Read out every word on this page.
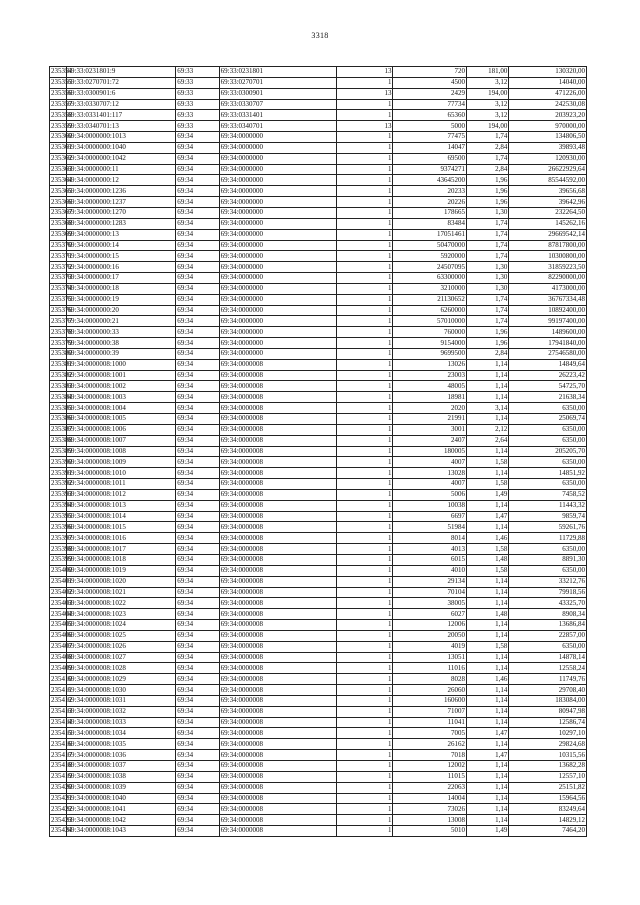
3318
235354	69:33:0231801:9	69:33	69:33:0231801	13	720	181,00	130320,00
235355	69:33:0270701:72	69:33	69:33:0270701	1	4500	3,12	14040,00
235356	69:33:0300901:6	69:33	69:33:0300901	13	2429	194,00	471226,00
235357	69:33:0330707:12	69:33	69:33:0330707	1	77734	3,12	242530,08
235358	69:33:0331401:117	69:33	69:33:0331401	1	65360	3,12	203923,20
235359	69:33:0340701:13	69:33	69:33:0340701	13	5000	194,00	970000,00
235360	69:34:0000000:1013	69:34	69:34:0000000	1	77475	1,74	134806,50
235361	69:34:0000000:1040	69:34	69:34:0000000	1	14047	2,84	39893,48
235362	69:34:0000000:1042	69:34	69:34:0000000	1	69500	1,74	120930,00
235363	69:34:0000000:11	69:34	69:34:0000000	1	9374271	2,84	26622929,64
235364	69:34:0000000:12	69:34	69:34:0000000	1	43645200	1,96	85544592,00
235365	69:34:0000000:1236	69:34	69:34:0000000	1	20233	1,96	39656,68
235366	69:34:0000000:1237	69:34	69:34:0000000	1	20226	1,96	39642,96
235367	69:34:0000000:1270	69:34	69:34:0000000	1	178665	1,30	232264,50
235368	69:34:0000000:1283	69:34	69:34:0000000	1	83484	1,74	145262,16
235369	69:34:0000000:13	69:34	69:34:0000000	1	17051461	1,74	29669542,14
235370	69:34:0000000:14	69:34	69:34:0000000	1	50470000	1,74	87817800,00
235371	69:34:0000000:15	69:34	69:34:0000000	1	5920000	1,74	10300800,00
235372	69:34:0000000:16	69:34	69:34:0000000	1	24507095	1,30	31859223,50
235373	69:34:0000000:17	69:34	69:34:0000000	1	63300000	1,30	82290000,00
235374	69:34:0000000:18	69:34	69:34:0000000	1	3210000	1,30	4173000,00
235375	69:34:0000000:19	69:34	69:34:0000000	1	21130652	1,74	36767334,48
235376	69:34:0000000:20	69:34	69:34:0000000	1	6260000	1,74	10892400,00
235377	69:34:0000000:21	69:34	69:34:0000000	1	57010000	1,74	99197400,00
235378	69:34:0000000:33	69:34	69:34:0000000	1	760000	1,96	1489600,00
235379	69:34:0000000:38	69:34	69:34:0000000	1	9154000	1,96	17941840,00
235380	69:34:0000000:39	69:34	69:34:0000000	1	9699500	2,84	27546580,00
235381	69:34:0000008:1000	69:34	69:34:0000008	1	13026	1,14	14849,64
235382	69:34:0000008:1001	69:34	69:34:0000008	1	23003	1,14	26223,42
235383	69:34:0000008:1002	69:34	69:34:0000008	1	48005	1,14	54725,70
235384	69:34:0000008:1003	69:34	69:34:0000008	1	18981	1,14	21638,34
235385	69:34:0000008:1004	69:34	69:34:0000008	1	2020	3,14	6350,00
235386	69:34:0000008:1005	69:34	69:34:0000008	1	21991	1,14	25069,74
235387	69:34:0000008:1006	69:34	69:34:0000008	1	3001	2,12	6350,00
235388	69:34:0000008:1007	69:34	69:34:0000008	1	2407	2,64	6350,00
235389	69:34:0000008:1008	69:34	69:34:0000008	1	180005	1,14	205205,70
235390	69:34:0000008:1009	69:34	69:34:0000008	1	4007	1,58	6350,00
235391	69:34:0000008:1010	69:34	69:34:0000008	1	13028	1,14	14851,92
235392	69:34:0000008:1011	69:34	69:34:0000008	1	4007	1,58	6350,00
235393	69:34:0000008:1012	69:34	69:34:0000008	1	5006	1,49	7458,52
235394	69:34:0000008:1013	69:34	69:34:0000008	1	10038	1,14	11443,32
235395	69:34:0000008:1014	69:34	69:34:0000008	1	6697	1,47	9859,74
235396	69:34:0000008:1015	69:34	69:34:0000008	1	51984	1,14	59261,76
235397	69:34:0000008:1016	69:34	69:34:0000008	1	8014	1,46	11729,88
235398	69:34:0000008:1017	69:34	69:34:0000008	1	4013	1,58	6350,00
235399	69:34:0000008:1018	69:34	69:34:0000008	1	6015	1,48	8891,30
235400	69:34:0000008:1019	69:34	69:34:0000008	1	4010	1,58	6350,00
235401	69:34:0000008:1020	69:34	69:34:0000008	1	29134	1,14	33212,76
235402	69:34:0000008:1021	69:34	69:34:0000008	1	70104	1,14	79918,56
235403	69:34:0000008:1022	69:34	69:34:0000008	1	38005	1,14	43325,70
235404	69:34:0000008:1023	69:34	69:34:0000008	1	6027	1,48	8908,34
235405	69:34:0000008:1024	69:34	69:34:0000008	1	12006	1,14	13686,84
235406	69:34:0000008:1025	69:34	69:34:0000008	1	20050	1,14	22857,00
235407	69:34:0000008:1026	69:34	69:34:0000008	1	4019	1,58	6350,00
235408	69:34:0000008:1027	69:34	69:34:0000008	1	13051	1,14	14878,14
235409	69:34:0000008:1028	69:34	69:34:0000008	1	11016	1,14	12558,24
235410	69:34:0000008:1029	69:34	69:34:0000008	1	8028	1,46	11749,76
235411	69:34:0000008:1030	69:34	69:34:0000008	1	26060	1,14	29708,40
235412	69:34:0000008:1031	69:34	69:34:0000008	1	160600	1,14	183084,00
235413	69:34:0000008:1032	69:34	69:34:0000008	1	71007	1,14	80947,98
235414	69:34:0000008:1033	69:34	69:34:0000008	1	11041	1,14	12586,74
235415	69:34:0000008:1034	69:34	69:34:0000008	1	7005	1,47	10297,10
235416	69:34:0000008:1035	69:34	69:34:0000008	1	26162	1,14	29824,68
235417	69:34:0000008:1036	69:34	69:34:0000008	1	7018	1,47	10315,56
235418	69:34:0000008:1037	69:34	69:34:0000008	1	12002	1,14	13682,28
235419	69:34:0000008:1038	69:34	69:34:0000008	1	11015	1,14	12557,10
235420	69:34:0000008:1039	69:34	69:34:0000008	1	22063	1,14	25151,82
235421	69:34:0000008:1040	69:34	69:34:0000008	1	14004	1,14	15964,56
235422	69:34:0000008:1041	69:34	69:34:0000008	1	73026	1,14	83249,64
235423	69:34:0000008:1042	69:34	69:34:0000008	1	13008	1,14	14829,12
235424	69:34:0000008:1043	69:34	69:34:0000008	1	5010	1,49	7464,20
